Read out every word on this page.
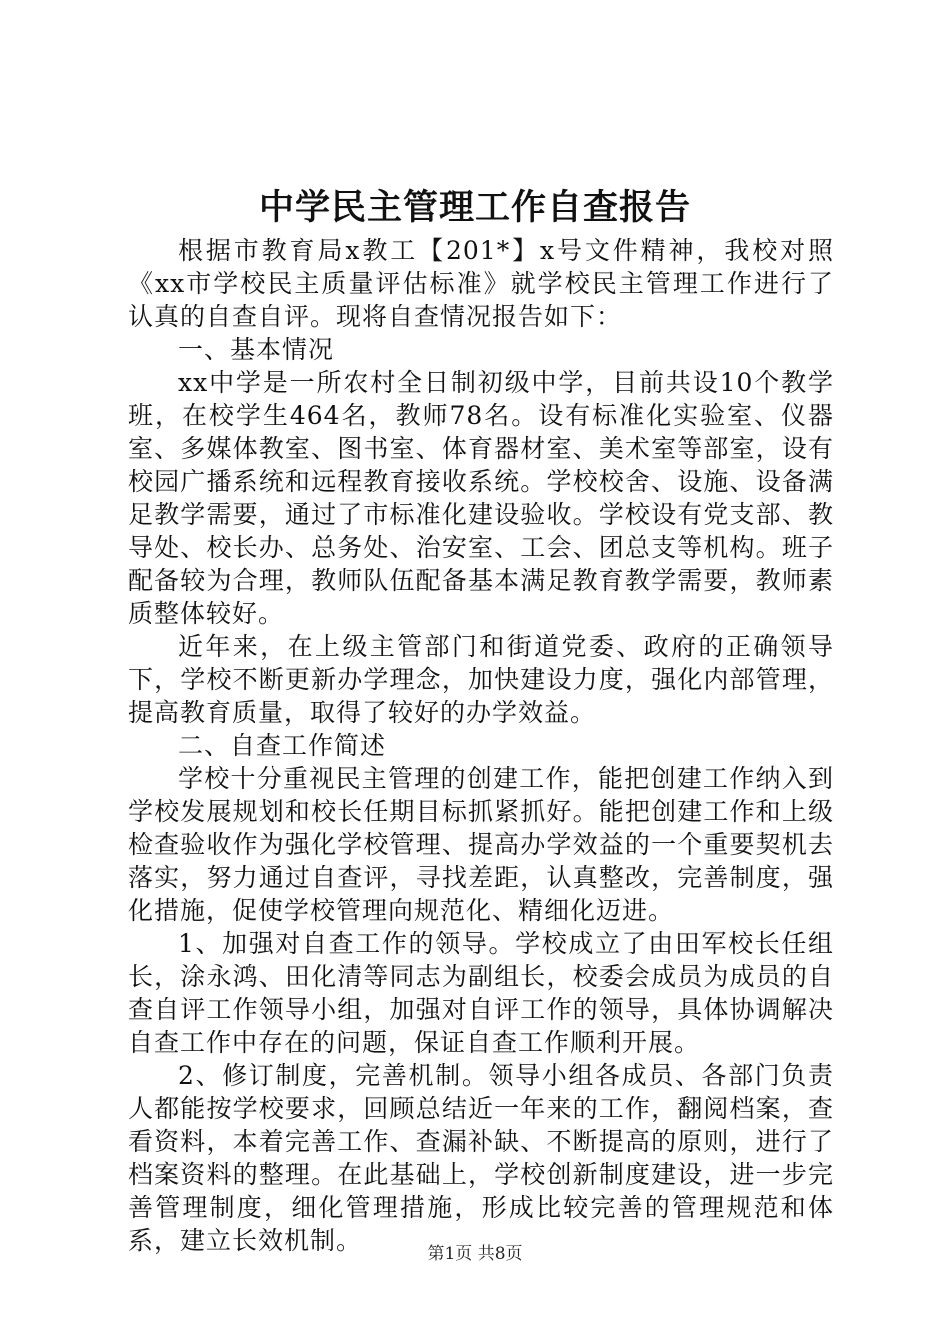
中学民主管理工作自查报告

根据市教育局x教工【201*】x号文件精神，我校对照《xx市学校民主质量评估标准》就学校民主管理工作进行了认真的自查自评。现将自查情况报告如下：

一、基本情况

xx中学是一所农村全日制初级中学，目前共设10个教学班，在校学生464名，教师78名。设有标准化实验室、仪器室、多媒体教室、图书室、体育器材室、美术室等部室，设有校园广播系统和远程教育接收系统。学校校舍、设施、设备满足教学需要，通过了市标准化建设验收。学校设有党支部、教导处、校长办、总务处、治安室、工会、团总支等机构。班子配备较为合理，教师队伍配备基本满足教育教学需要，教师素质整体较好。

近年来，在上级主管部门和街道党委、政府的正确领导下，学校不断更新办学理念，加快建设力度，强化内部管理，提高教育质量，取得了较好的办学效益。

二、自查工作简述

学校十分重视民主管理的创建工作，能把创建工作纳入到学校发展规划和校长任期目标抓紧抓好。能把创建工作和上级检查验收作为强化学校管理、提高办学效益的一个重要契机去落实，努力通过自查评，寻找差距，认真整改，完善制度，强化措施，促使学校管理向规范化、精细化迈进。

1、加强对自查工作的领导。学校成立了由田军校长任组长，涂永鸿、田化清等同志为副组长，校委会成员为成员的自查自评工作领导小组，加强对自评工作的领导，具体协调解决自查工作中存在的问题，保证自查工作顺利开展。

2、修订制度，完善机制。领导小组各成员、各部门负责人都能按学校要求，回顾总结近一年来的工作，翻阅档案，查看资料，本着完善工作、查漏补缺、不断提高的原则，进行了档案资料的整理。在此基础上，学校创新制度建设，进一步完善管理制度，细化管理措施，形成比较完善的管理规范和体系，建立长效机制。	第1页 共8页
